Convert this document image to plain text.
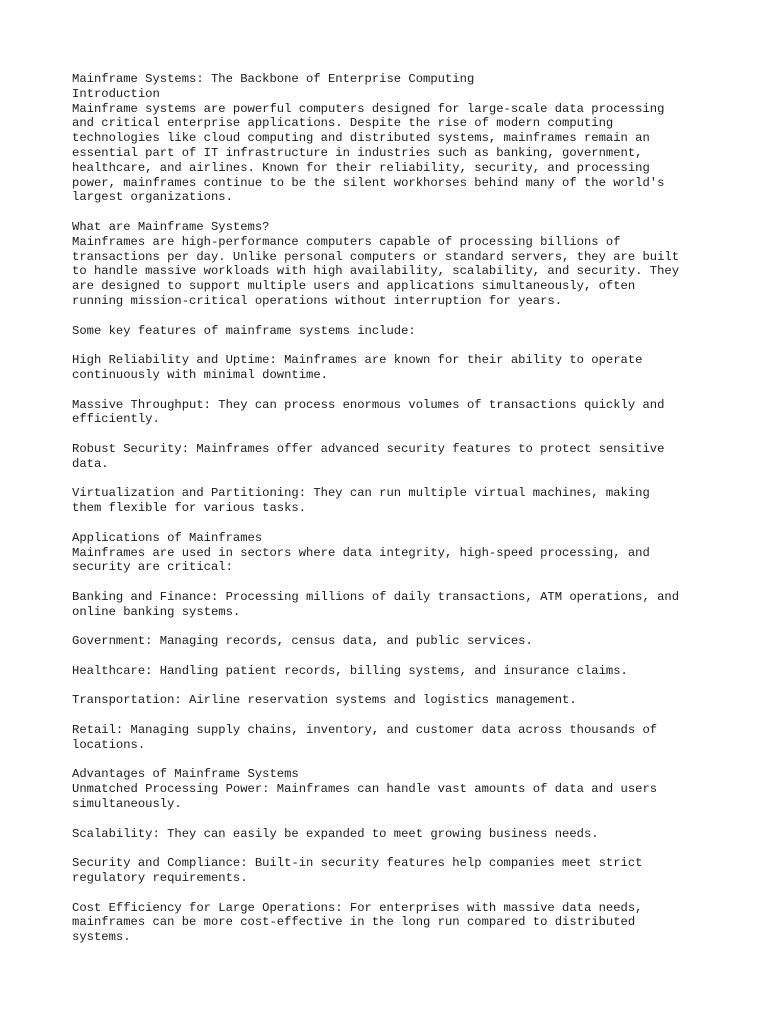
Mainframe Systems: The Backbone of Enterprise Computing
Introduction
Mainframe systems are powerful computers designed for large-scale data processing
and critical enterprise applications. Despite the rise of modern computing
technologies like cloud computing and distributed systems, mainframes remain an
essential part of IT infrastructure in industries such as banking, government,
healthcare, and airlines. Known for their reliability, security, and processing
power, mainframes continue to be the silent workhorses behind many of the world's
largest organizations.
What are Mainframe Systems?
Mainframes are high-performance computers capable of processing billions of
transactions per day. Unlike personal computers or standard servers, they are built
to handle massive workloads with high availability, scalability, and security. They
are designed to support multiple users and applications simultaneously, often
running mission-critical operations without interruption for years.
Some key features of mainframe systems include:
High Reliability and Uptime: Mainframes are known for their ability to operate
continuously with minimal downtime.
Massive Throughput: They can process enormous volumes of transactions quickly and
efficiently.
Robust Security: Mainframes offer advanced security features to protect sensitive
data.
Virtualization and Partitioning: They can run multiple virtual machines, making
them flexible for various tasks.
Applications of Mainframes
Mainframes are used in sectors where data integrity, high-speed processing, and
security are critical:
Banking and Finance: Processing millions of daily transactions, ATM operations, and
online banking systems.
Government: Managing records, census data, and public services.
Healthcare: Handling patient records, billing systems, and insurance claims.
Transportation: Airline reservation systems and logistics management.
Retail: Managing supply chains, inventory, and customer data across thousands of
locations.
Advantages of Mainframe Systems
Unmatched Processing Power: Mainframes can handle vast amounts of data and users
simultaneously.
Scalability: They can easily be expanded to meet growing business needs.
Security and Compliance: Built-in security features help companies meet strict
regulatory requirements.
Cost Efficiency for Large Operations: For enterprises with massive data needs,
mainframes can be more cost-effective in the long run compared to distributed
systems.
